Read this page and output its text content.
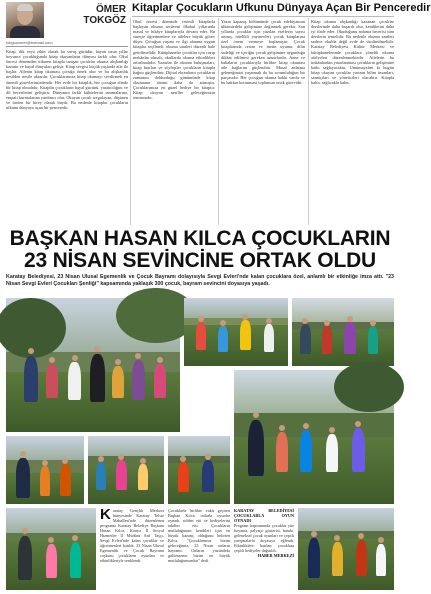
ÖMER
TOKGÖZ
tokgozomer@hotmail.com
Kitaplar Çocukların Ufkunu Dünyaya Açan Bir Penceredir
Kitap, ilik veya zihin olarak bu savaş gücüdür, hayatı uzun yıllar boyunca çocukluğunda kitap okuyanların dünyası farklı olur. Okul öncesi dönemden itibaren kitapla tanışan çocuklar okuma alışkanlığı kazanır ve hayal dünyaları gelişir. Kitap sevgisi küçük yaşlarda aile ile başlar. Ailenin kitap okuması çocuğa örnek olur ve bu alışkanlık nesilden nesile aktarılır. Çocuklarımıza kitap okumayı sevdirmek en önemli görevlerimizdendir. Her evde bir kitaplık, her çocuğun elinde bir kitap olmalıdır. Kitaplar çocukların hayal gücünü, yaratıcılığını ve dil becerilerini geliştirir. Dünyanın farklı kültürlerini tanımalarına, empati kurmalarına yardımcı olur. Okuyan çocuk sorgulayan, düşünen ve üreten bir birey olarak büyür. Bu nedenle kitaplar çocukların ufkunu dünyaya açan bir penceredir.
Okul öncesi dönemde resimli kitaplarla başlayan okuma serüveni ilkokul yıllarında masal ve hikâye kitaplarıyla devam eder. Bu süreçte öğretmenlere ve ailelere büyük görev düşer. Çocuğun yaşına ve ilgi alanına uygun kitaplar seçilmeli, okuma saatleri düzenli hale getirilmelidir. Kütüphaneler çocuklar için cazip mekânlar olmalı, okullarda okuma etkinlikleri artırılmalıdır. Yazarlar ile okuma buluşmaları, kitap fuarları ve söyleşiler çocukların kitapla bağını güçlendirir. Dijital ekranların çocukların zamanını doldurduğu günümüzde kitap okumanın önemi daha da artmıştır. Çocuklarımıza en güzel hediye bir kitaptır. Kitap okuyan nesiller geleceğimizin teminatıdır.
Yazın kapanış bölümünde çocuk edebiyatının ülkemizdeki gelişimine değinmek gerekir. Son yıllarda çocuklar için yazılan eserlerin sayısı artmış, nitelikli yayınevleri çocuk kitaplarına özel önem vermeye başlamıştır. Çocuk kitaplarında resim ve metin uyumu, dilin sadeliği ve içeriğin çocuk gelişimine uygunluğu dikkat edilmesi gereken unsurlardır. Anne ve babaların çocuklarıyla birlikte kitap okuması aile bağlarını güçlendirir. Masal anlatma geleneğimizi yaşatmak da bu sorumluluğun bir parçasıdır. Her çocuğun okuma hakkı vardır ve bu hakkın korunması toplumun ortak görevidir.
Kitap okuma alışkanlığı kazanan çocuklar derslerinde daha başarılı olur, kendilerini daha iyi ifade eder. Okuduğunu anlama becerisi tüm derslerin temelidir. Bu nedenle okuma saatleri sadece okulda değil evde de sürdürülmelidir. Karatay Belediyesi Kültür Merkezi ve kütüphanelerinde çocuklara yönelik okuma atölyeleri düzenlenmektedir. Ailelerin bu imkânlardan yararlanması çocukların gelişimine katkı sağlayacaktır. Unutmayalım ki bugün kitap okuyan çocuklar yarının bilim insanları, sanatçıları ve yöneticileri olacaktır. Kitapla kalın, sağlıcakla kalın.
BAŞKAN HASAN KILCA ÇOCUKLARIN
23 NİSAN SEVİNCİNE ORTAK OLDU
Karatay Belediyesi, 23 Nisan Ulusal Egemenlik ve Çocuk Bayramı dolayısıyla Sevgi Evleri'nde kalan çocuklara özel, anlamlı bir etkinliğe imza attı. "23 Nisan Sevgi Evleri Çocukları Şenliği" kapsamında yaklaşık 300 çocuk, bayram sevincini doyasıya yaşadı.
Karatay Gençlik Merkezi bünyesinde Karatay Telsiz Mahallesi'nde düzenlenen programa Karatay Belediye Başkanı Hasan Kılca, Konya İl Sosyal Hizmetler İl Müdürü Arif Taşçı, Sevgi Evleri'nde kalan çocuklar ve öğretmenleri katıldı. 23 Nisan Ulusal Egemenlik ve Çocuk Bayramı coşkusu çocukların oyunları ve etkinlikleriyle renklendi.
Çocuklarla birlikte vakit geçiren Başkan Kılca, onlarla oyunlar oynadı, sohbet etti ve hediyelerini takdim etti. Çocukların mutluluğunun kendileri için en büyük kazanç olduğunu belirten Kılca, "Çocuklarımız bizim geleceğimiz, 23 Nisan onların bayramı. Onların yüzündeki gülümseme bizim en büyük mutluluğumuzdur" dedi.
KARATAY BELEDİYESİ ÇOCUKLARLA OYUN OYNADI
Program kapsamında çocuklar yüz boyama, palyaço gösterisi, bando, geleneksel çocuk oyunları ve çeşitli yarışmalarla doyasıya eğlendi. Etkinliklere katılan çocuklara çeşitli hediyeler dağıtıldı.
HABER MERKEZİ
